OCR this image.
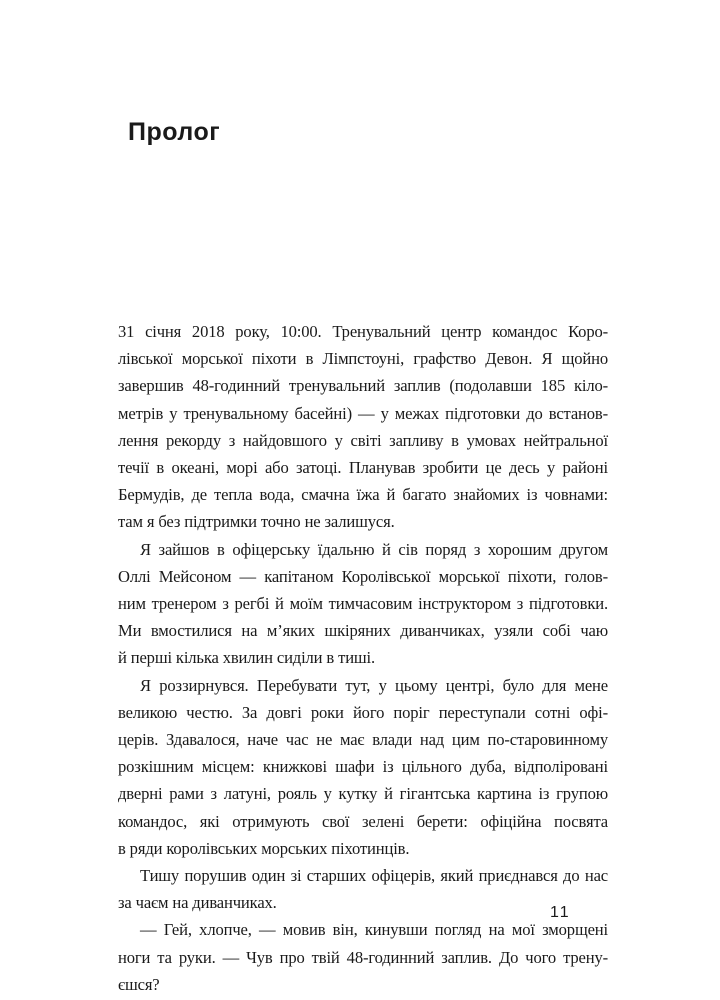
Пролог
31 січня 2018 року, 10:00. Тренувальний центр командос Коро-
лівської морської піхоти в Лімпстоуні, графство Девон. Я щойно
завершив 48-годинний тренувальний заплив (подолавши 185 кіло-
метрів у тренувальному басейні) — у межах підготовки до встанов-
лення рекорду з найдовшого у світі запливу в умовах нейтральної
течії в океані, морі або затоці. Планував зробити це десь у районі
Бермудів, де тепла вода, смачна їжа й багато знайомих із човнами:
там я без підтримки точно не залишуся.
Я зайшов в офіцерську їдальню й сів поряд з хорошим другом
Оллі Мейсоном — капітаном Королівської морської піхоти, голов-
ним тренером з регбі й моїм тимчасовим інструктором з підготовки.
Ми вмостилися на м’яких шкіряних диванчиках, узяли собі чаю
й перші кілька хвилин сиділи в тиші.
Я роззирнувся. Перебувати тут, у цьому центрі, було для мене
великою честю. За довгі роки його поріг переступали сотні офі-
церів. Здавалося, наче час не має влади над цим по-старовинному
розкішним місцем: книжкові шафи із цільного дуба, відполіровані
дверні рами з латуні, рояль у кутку й гігантська картина із групою
командос, які отримують свої зелені берети: офіційна посвята
в ряди королівських морських піхотинців.
Тишу порушив один зі старших офіцерів, який приєднався до нас
за чаєм на диванчиках.
— Гей, хлопче, — мовив він, кинувши погляд на мої зморщені
ноги та руки. — Чув про твій 48-годинний заплив. До чого трену-
єшся?
11
